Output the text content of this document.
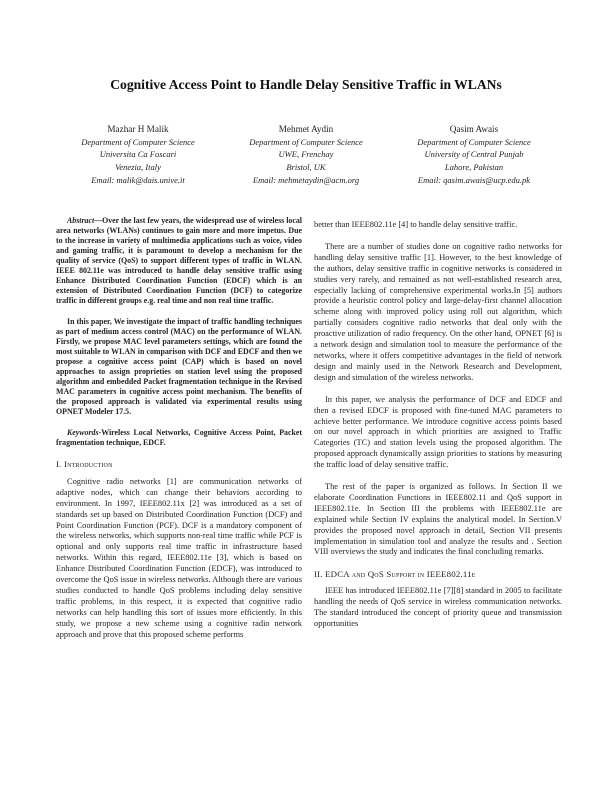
Cognitive Access Point to Handle Delay Sensitive Traffic in WLANs
Mazhar H Malik
Department of Computer Science
Universita Ca Foscari
Venezia, Italy
Email: malik@dais.unive.it
Mehmet Aydin
Department of Computer Science
UWE, Frenchay
Bristol, UK
Email: mehmetaydin@acm.org
Qasim Awais
Department of Computer Science
University of Central Punjab
Lahore, Pakistan
Email: qasim.awais@ucp.edu.pk

Abstract—Over the last few years, the widespread use of wireless local area networks (WLANs) continues to gain more and more impetus. Due to the increase in variety of multimedia applications such as voice, video and gaming traffic, it is paramount to develop a mechanism for the quality of service (QoS) to support different types of traffic in WLAN. IEEE 802.11e was introduced to handle delay sensitive traffic using Enhance Distributed Coordination Function (EDCF) which is an extension of Distributed Coordination Function (DCF) to categorize traffic in different groups e.g. real time and non real time traffic.

In this paper, We investigate the impact of traffic handling techniques as part of medium access control (MAC) on the performance of WLAN. Firstly, we propose MAC level parameters settings, which are found the most suitable to WLAN in comparison with DCF and EDCF and then we propose a cognitive access point (CAP) which is based on novel approaches to assign proprieties on station level using the proposed algorithm and embedded Packet fragmentation technique in the Revised MAC parameters in cognitive access point mechanism. The benefits of the proposed approach is validated via experimental results using OPNET Modeler 17.5.

Keywords-Wireless Local Networks, Cognitive Access Point, Packet fragmentation technique, EDCF.

I. Introduction

Cognitive radio networks [1] are communication networks of adaptive nodes, which can change their behaviors according to environment. In 1997, IEEE802.11x [2] was introduced as a set of standards set up based on Distributed Coordination Function (DCF) and Point Coordination Function (PCF). DCF is a mandatory component of the wireless networks, which supports non-real time traffic while PCF is optional and only supports real time traffic in infrastructure based networks. Within this regard, IEEE802.11e [3], which is based on Enhance Distributed Coordination Function (EDCF), was introduced to overcome the QoS issue in wireless networks. Although there are various studies conducted to handle QoS problems including delay sensitive traffic problems, in this respect, it is expected that cognitive radio networks can help handling this sort of issues more efficiently. In this study, we propose a new scheme using a cognitive radio network approach and prove that this proposed scheme performs

better than IEEE802.11e [4] to handle delay sensitive traffic.

There are a number of studies done on cognitive radio networks for handling delay sensitive traffic [1]. However, to the best knowledge of the authors, delay sensitive traffic in cognitive networks is considered in studies very rarely, and remained as not well-established research area, especially lacking of comprehensive experimental works.In [5] authors provide a heuristic control policy and large-delay-first channel allocation scheme along with improved policy using roll out algorithm, which partially considers cognitive radio networks that deal only with the proactive utilization of radio frequency. On the other hand, OPNET [6] is a network design and simulation tool to measure the performance of the networks, where it offers competitive advantages in the field of network design and mainly used in the Network Research and Development, design and simulation of the wireless networks.

In this paper, we analysis the performance of DCF and EDCF and then a revised EDCF is proposed with fine-tuned MAC parameters to achieve better performance. We introduce cognitive access points based on our novel approach in which priorities are assigned to Traffic Categories (TC) and station levels using the proposed algorithm. The proposed approach dynamically assign priorities to stations by measuring the traffic load of delay sensitive traffic.

The rest of the paper is organized as follows. In Section II we elaborate Coordination Functions in IEEE802.11 and QoS support in IEEE802.11e. In Section III the problems with IEEE802.11e are explained while Section IV explains the analytical model. In Section.V provides the proposed novel approach in detail, Section VII presents implementation in simulation tool and analyze the results and . Section VIII overviews the study and indicates the final concluding remarks.

II. EDCA and QoS Support in IEEE802.11e

IEEE has introduced IEEE802.11e [7][8] standard in 2005 to facilitate handling the needs of QoS service in wireless communication networks. The standard introduced the concept of priority queue and transmission opportunities
